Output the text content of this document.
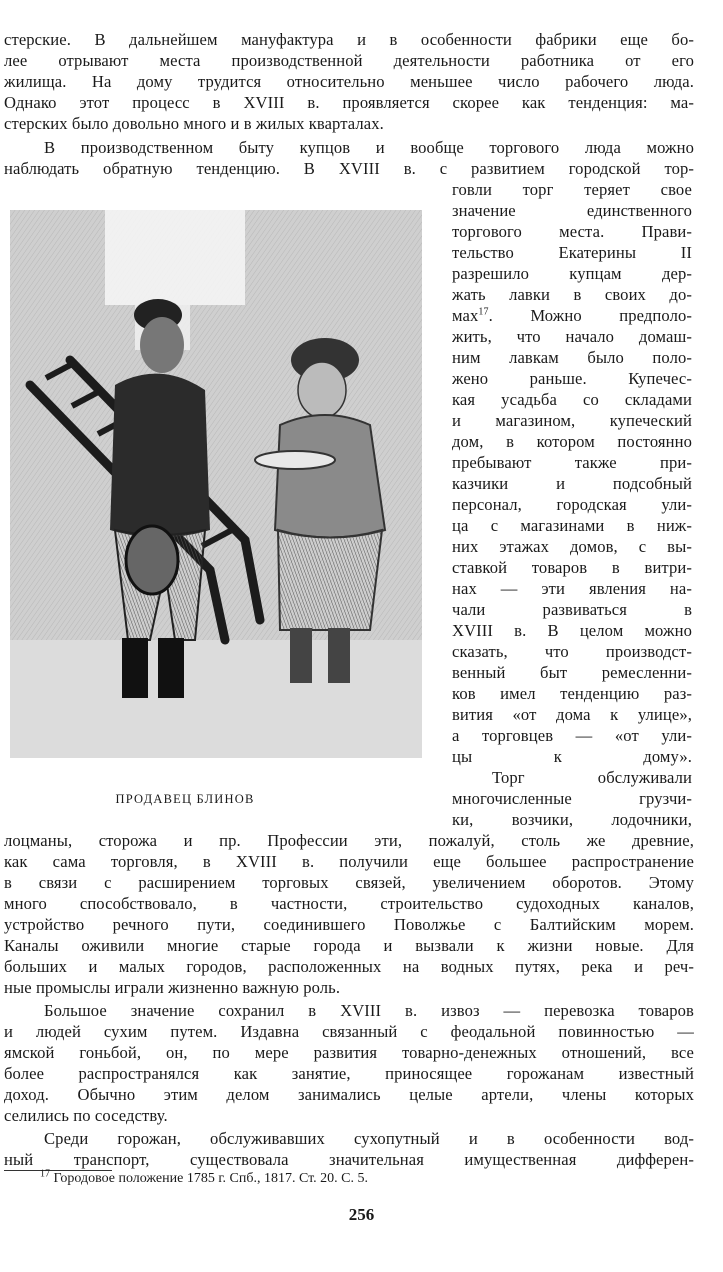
стерские. В дальнейшем мануфактура и в особенности фабрики еще бо-
лее отрывают места производственной деятельности работника от его
жилища. На дому трудится относительно меньшее число рабочего люда.
Однако этот процесс в XVIII в. проявляется скорее как тенденция: ма-
стерских было довольно много и в жилых кварталах.
В производственном быту купцов и вообще торгового люда можно
наблюдать обратную тенденцию. В XVIII в. с развитием городской тор-
говли торг теряет свое
значение единственного
торгового места. Прави-
тельство Екатерины II
разрешило купцам дер-
жать лавки в своих до-
мах$^{17}$. Можно предполо-
жить, что начало домаш-
ним лавкам было поло-
жено раньше. Купечес-
кая усадьба со складами
и магазином, купеческий
дом, в котором постоянно
пребывают также при-
казчики и подсобный
персонал, городская ули-
ца с магазинами в ниж-
них этажах домов, с вы-
ставкой товаров в витри-
нах — эти явления на-
чали развиваться в
XVIII в. В целом можно
сказать, что производст-
венный быт ремесленни-
ков имел тенденцию раз-
вития «от дома к улице»,
а торговцев — «от ули-
цы к дому».
ПРОДАВЕЦ БЛИНОВ
Торг обслуживали
многочисленные грузчи-
ки, возчики, лодочники,
лоцманы, сторожа и пр. Профессии эти, пожалуй, столь же древние,
как сама торговля, в XVIII в. получили еще большее распространение
в связи с расширением торговых связей, увеличением оборотов. Этому
много способствовало, в частности, строительство судоходных каналов,
устройство речного пути, соединившего Поволжье с Балтийским морем.
Каналы оживили многие старые города и вызвали к жизни новые. Для
больших и малых городов, расположенных на водных путях, река и реч-
ные промыслы играли жизненно важную роль.
Большое значение сохранил в XVIII в. извоз — перевозка товаров
и людей сухим путем. Издавна связанный с феодальной повинностью —
ямской гоньбой, он, по мере развития товарно-денежных отношений, все
более распространялся как занятие, приносящее горожанам известный
доход. Обычно этим делом занимались целые артели, члены которых
селились по соседству.
Среди горожан, обслуживавших сухопутный и в особенности вод-
ный транспорт, существовала значительная имущественная дифферен-
$^{17}$ Городовое положение 1785 г. Спб., 1817. Ст. 20. С. 5.
256
